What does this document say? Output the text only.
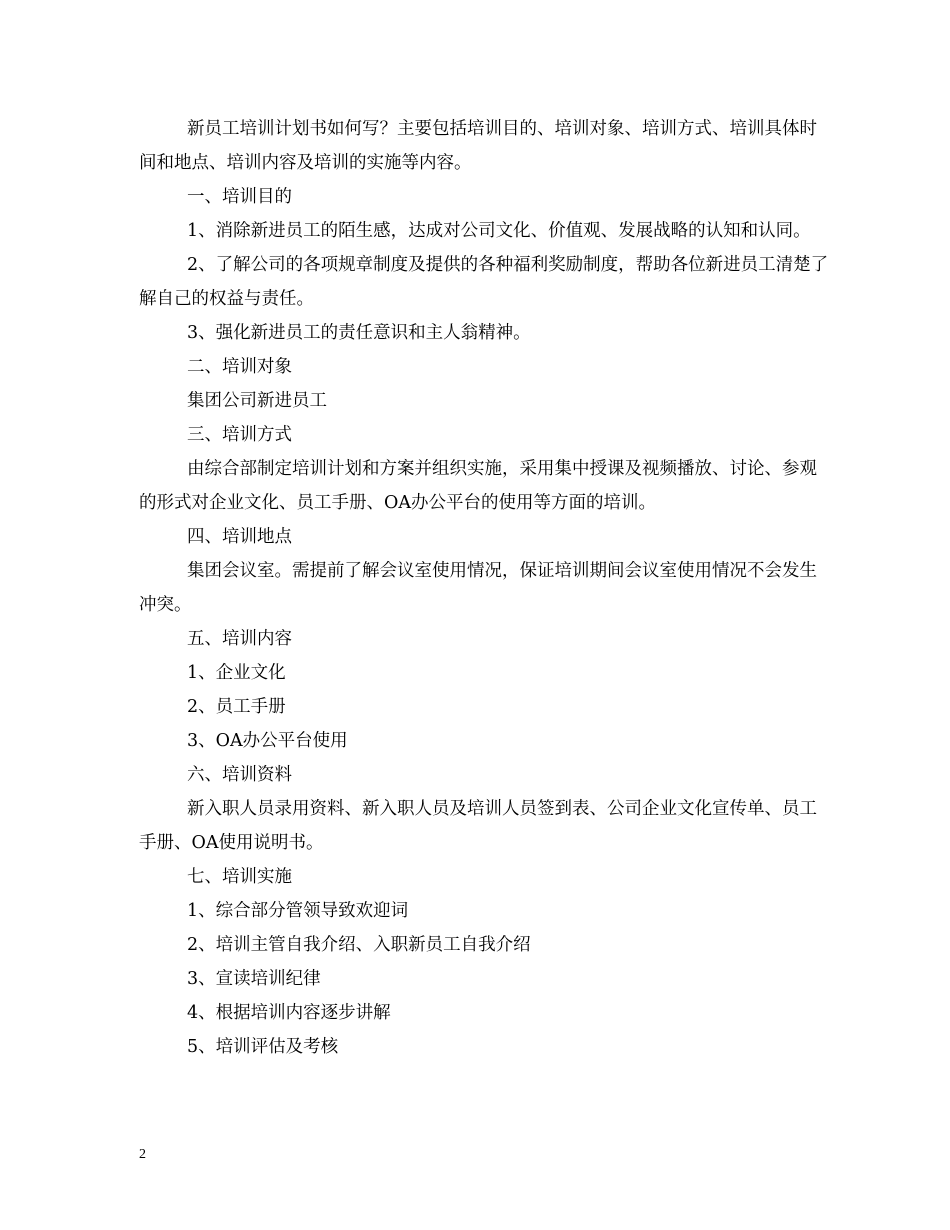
新员工培训计划书如何写？主要包括培训目的、培训对象、培训方式、培训具体时间和地点、培训内容及培训的实施等内容。

一、培训目的

1、消除新进员工的陌生感，达成对公司文化、价值观、发展战略的认知和认同。

2、了解公司的各项规章制度及提供的各种福利奖励制度，帮助各位新进员工清楚了解自己的权益与责任。

3、强化新进员工的责任意识和主人翁精神。

二、培训对象

集团公司新进员工

三、培训方式

由综合部制定培训计划和方案并组织实施，采用集中授课及视频播放、讨论、参观的形式对企业文化、员工手册、OA办公平台的使用等方面的培训。

四、培训地点

集团会议室。需提前了解会议室使用情况，保证培训期间会议室使用情况不会发生冲突。

五、培训内容

1、企业文化

2、员工手册

3、OA办公平台使用

六、培训资料

新入职人员录用资料、新入职人员及培训人员签到表、公司企业文化宣传单、员工手册、OA使用说明书。

七、培训实施

1、综合部分管领导致欢迎词

2、培训主管自我介绍、入职新员工自我介绍

3、宣读培训纪律

4、根据培训内容逐步讲解

5、培训评估及考核

2
